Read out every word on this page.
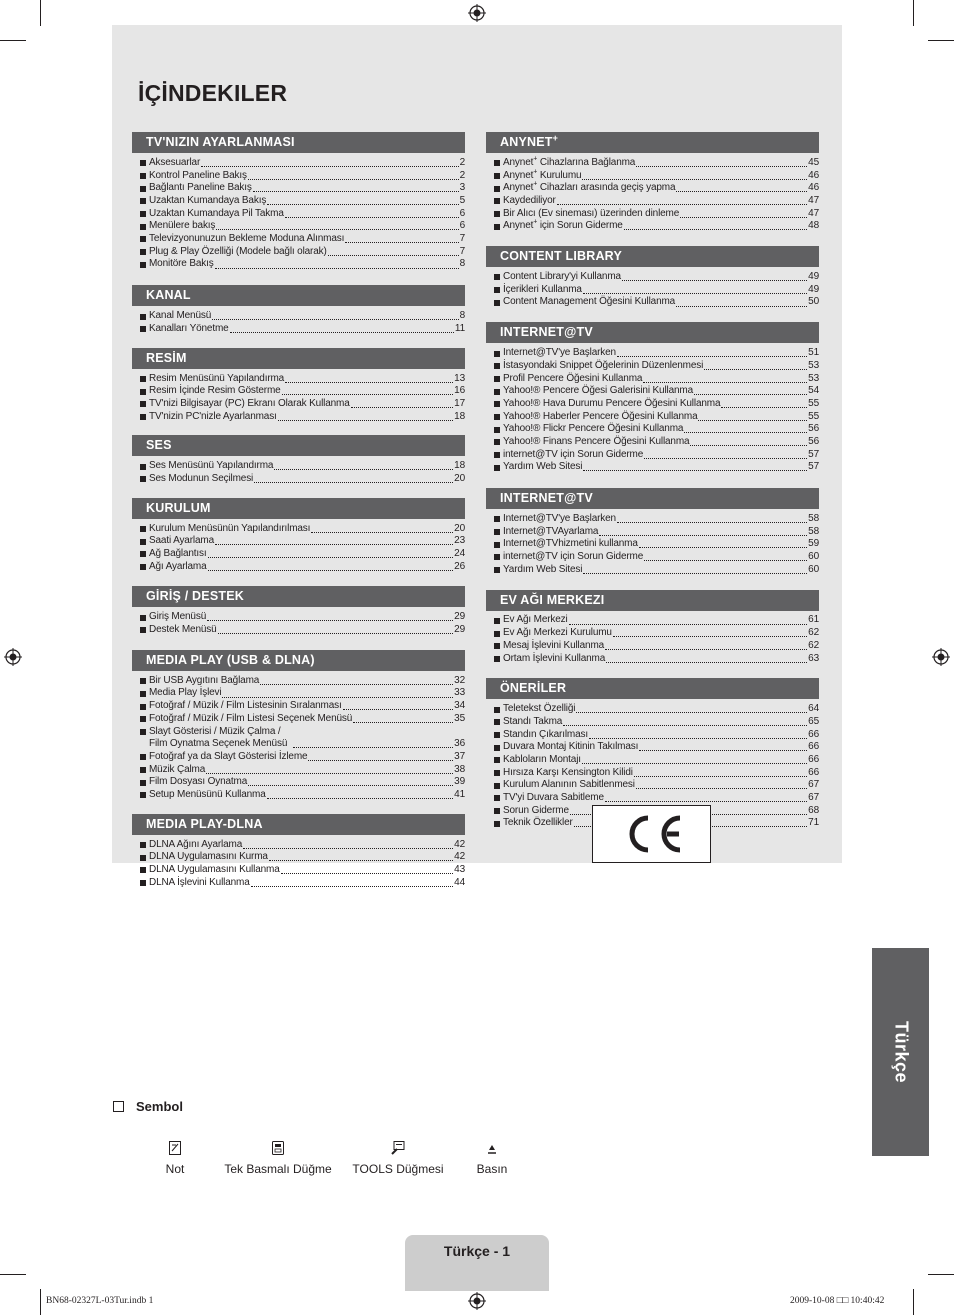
İÇİNDEKILER
TV'NIZIN AYARLANMASI
Aksesuarlar	2
Kontrol Paneline Bakış	2
Bağlantı Paneline Bakış	3
Uzaktan Kumandaya Bakış	5
Uzaktan Kumandaya Pil Takma	6
Menülere bakış	6
Televizyonunuzun Bekleme Moduna Alınması	7
Plug & Play Özelliği (Modele bağlı olarak)	7
Monitöre Bakış	8
KANAL
Kanal Menüsü	8
Kanalları Yönetme	11
RESİM
Resim Menüsünü Yapılandırma	13
Resim İçinde Resim Gösterme	16
TV'nizi Bilgisayar (PC) Ekranı Olarak Kullanma	17
TV'nizin PC'nizle Ayarlanması	18
SES
Ses Menüsünü Yapılandırma	18
Ses Modunun Seçilmesi	20
KURULUM
Kurulum Menüsünün Yapılandırılması	20
Saati Ayarlama	23
Ağ Bağlantısı	24
Ağı Ayarlama	26
GİRİŞ / DESTEK
Giriş Menüsü	29
Destek Menüsü	29
MEDIA PLAY (USB & DLNA)
Bir USB Aygıtını Bağlama	32
Media Play İşlevi	33
Fotoğraf / Müzik / Film Listesinin Sıralanması	34
Fotoğraf / Müzik / Film Listesi Seçenek Menüsü	35
Slayt Gösterisi / Müzik Çalma /
Film Oynatma Seçenek Menüsü	36
Fotoğraf ya da Slayt Gösterisi İzleme	37
Müzik Çalma	38
Film Dosyası Oynatma	39
Setup Menüsünü Kullanma	41
MEDIA PLAY-DLNA
DLNA Ağını Ayarlama	42
DLNA Uygulamasını Kurma	42
DLNA Uygulamasını Kullanma	43
DLNA İşlevini Kullanma	44
ANYNET+
Anynet+ Cihazlarına Bağlanma	45
Anynet+ Kurulumu	46
Anynet+ Cihazları arasında geçiş yapma	46
Kaydediliyor	47
Bir Alıcı (Ev sineması) üzerinden dinleme	47
Anynet+ için Sorun Giderme	48
CONTENT LIBRARY
Content Library'yi Kullanma	49
İçerikleri Kullanma	49
Content Management Öğesini Kullanma	50
INTERNET@TV
Internet@TV'ye Başlarken	51
İstasyondaki Snippet Öğelerinin Düzenlenmesi	53
Profil Pencere Öğesini Kullanma	53
Yahoo!® Pencere Öğesi Galerisini Kullanma	54
Yahoo!® Hava Durumu Pencere Öğesini Kullanma	55
Yahoo!® Haberler Pencere Öğesini Kullanma	55
Yahoo!® Flickr Pencere Öğesini Kullanma	56
Yahoo!® Finans Pencere Öğesini Kullanma	56
internet@TV için Sorun Giderme	57
Yardım Web Sitesi	57
INTERNET@TV
Internet@TV'ye Başlarken	58
Internet@TVAyarlama	58
Internet@TVhizmetini kullanma	59
internet@TV için Sorun Giderme	60
Yardım Web Sitesi	60
EV AĞI MERKEZI
Ev Ağı Merkezi	61
Ev Ağı Merkezi Kurulumu	62
Mesaj İşlevini Kullanma	62
Ortam İşlevini Kullanma	63
ÖNERİLER
Teletekst Özelliği	64
Standı Takma	65
Standın Çıkarılması	66
Duvara Montaj Kitinin Takılması	66
Kabloların Montajı	66
Hırsıza Karşı Kensington Kilidi	66
Kurulum Alanının Sabitlenmesi	67
TV'yi Duvara Sabitleme	67
Sorun Giderme	68
Teknik Özellikler	71
Türkçe
Sembol
Not	Tek Basmalı Düğme	TOOLS Düğmesi	Basın
Türkçe - 1
BN68-02327L-03Tur.indb 1	2009-10-08 □□ 10:40:42
